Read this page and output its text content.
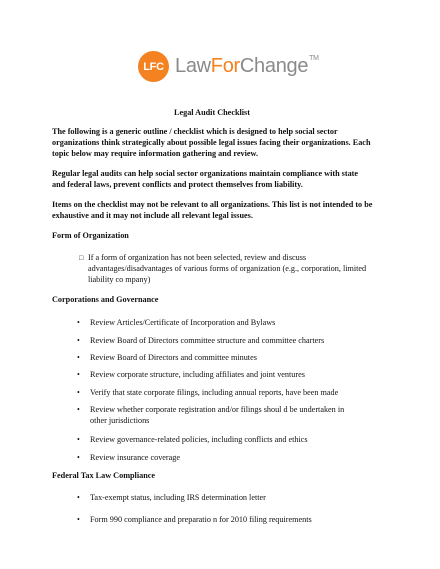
LFC LawForChange™
Legal Audit Checklist
The following is a generic outline / checklist which is designed to help social sector
organizations think strategically about possible legal issues facing their organizations. Each
topic below may require information gathering and review.
Regular legal audits can help social sector organizations maintain compliance with state
and federal laws, prevent conflicts and protect themselves from liability.
Items on the checklist may not be relevant to all organizations. This list is not intended to be
exhaustive and it may not include all relevant legal issues.
Form of Organization
□ If a form of organization has not been selected, review and discuss
advantages/disadvantages of various forms of organization (e.g., corporation, limited
liability co mpany)
Corporations and Governance
• Review Articles/Certificate of Incorporation and Bylaws
• Review Board of Directors committee structure and committee charters
• Review Board of Directors and committee minutes
• Review corporate structure, including affiliates and joint ventures
• Verify that state corporate filings, including annual reports, have been made
• Review whether corporate registration and/or filings shoul d be undertaken in
other jurisdictions
• Review governance-related policies, including conflicts and ethics
• Review insurance coverage
Federal Tax Law Compliance
• Tax-exempt status, including IRS determination letter
• Form 990 compliance and preparatio n for 2010 filing requirements
